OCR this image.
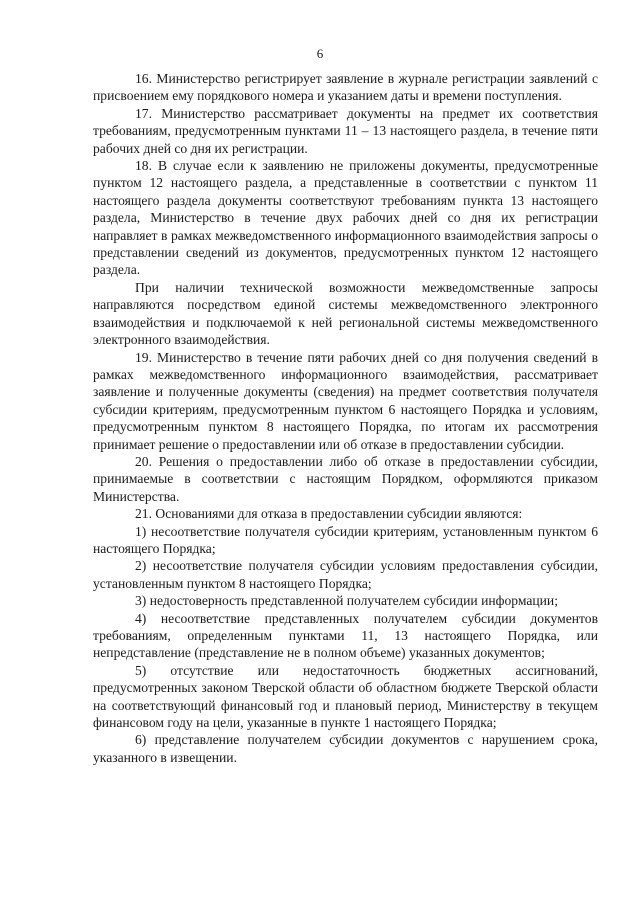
6

16. Министерство регистрирует заявление в журнале регистрации заявлений с присвоением ему порядкового номера и указанием даты и времени поступления.

17. Министерство рассматривает документы на предмет их соответствия требованиям, предусмотренным пунктами 11 – 13 настоящего раздела, в течение пяти рабочих дней со дня их регистрации.

18. В случае если к заявлению не приложены документы, предусмотренные пунктом 12 настоящего раздела, а представленные в соответствии с пунктом 11 настоящего раздела документы соответствуют требованиям пункта 13 настоящего раздела, Министерство в течение двух рабочих дней со дня их регистрации направляет в рамках межведомственного информационного взаимодействия запросы о представлении сведений из документов, предусмотренных пунктом 12 настоящего раздела.

При наличии технической возможности межведомственные запросы направляются посредством единой системы межведомственного электронного взаимодействия и подключаемой к ней региональной системы межведомственного электронного взаимодействия.

19. Министерство в течение пяти рабочих дней со дня получения сведений в рамках межведомственного информационного взаимодействия, рассматривает заявление и полученные документы (сведения) на предмет соответствия получателя субсидии критериям, предусмотренным пунктом 6 настоящего Порядка и условиям, предусмотренным пунктом 8 настоящего Порядка, по итогам их рассмотрения принимает решение о предоставлении или об отказе в предоставлении субсидии.

20. Решения о предоставлении либо об отказе в предоставлении субсидии, принимаемые в соответствии с настоящим Порядком, оформляются приказом Министерства.

21. Основаниями для отказа в предоставлении субсидии являются:

1) несоответствие получателя субсидии критериям, установленным пунктом 6 настоящего Порядка;

2) несоответствие получателя субсидии условиям предоставления субсидии, установленным пунктом 8 настоящего Порядка;

3) недостоверность представленной получателем субсидии информации;

4) несоответствие представленных получателем субсидии документов требованиям, определенным пунктами 11, 13 настоящего Порядка, или непредставление (представление не в полном объеме) указанных документов;

5) отсутствие или недостаточность бюджетных ассигнований, предусмотренных законом Тверской области об областном бюджете Тверской области на соответствующий финансовый год и плановый период, Министерству в текущем финансовом году на цели, указанные в пункте 1 настоящего Порядка;

6) представление получателем субсидии документов с нарушением срока, указанного в извещении.
